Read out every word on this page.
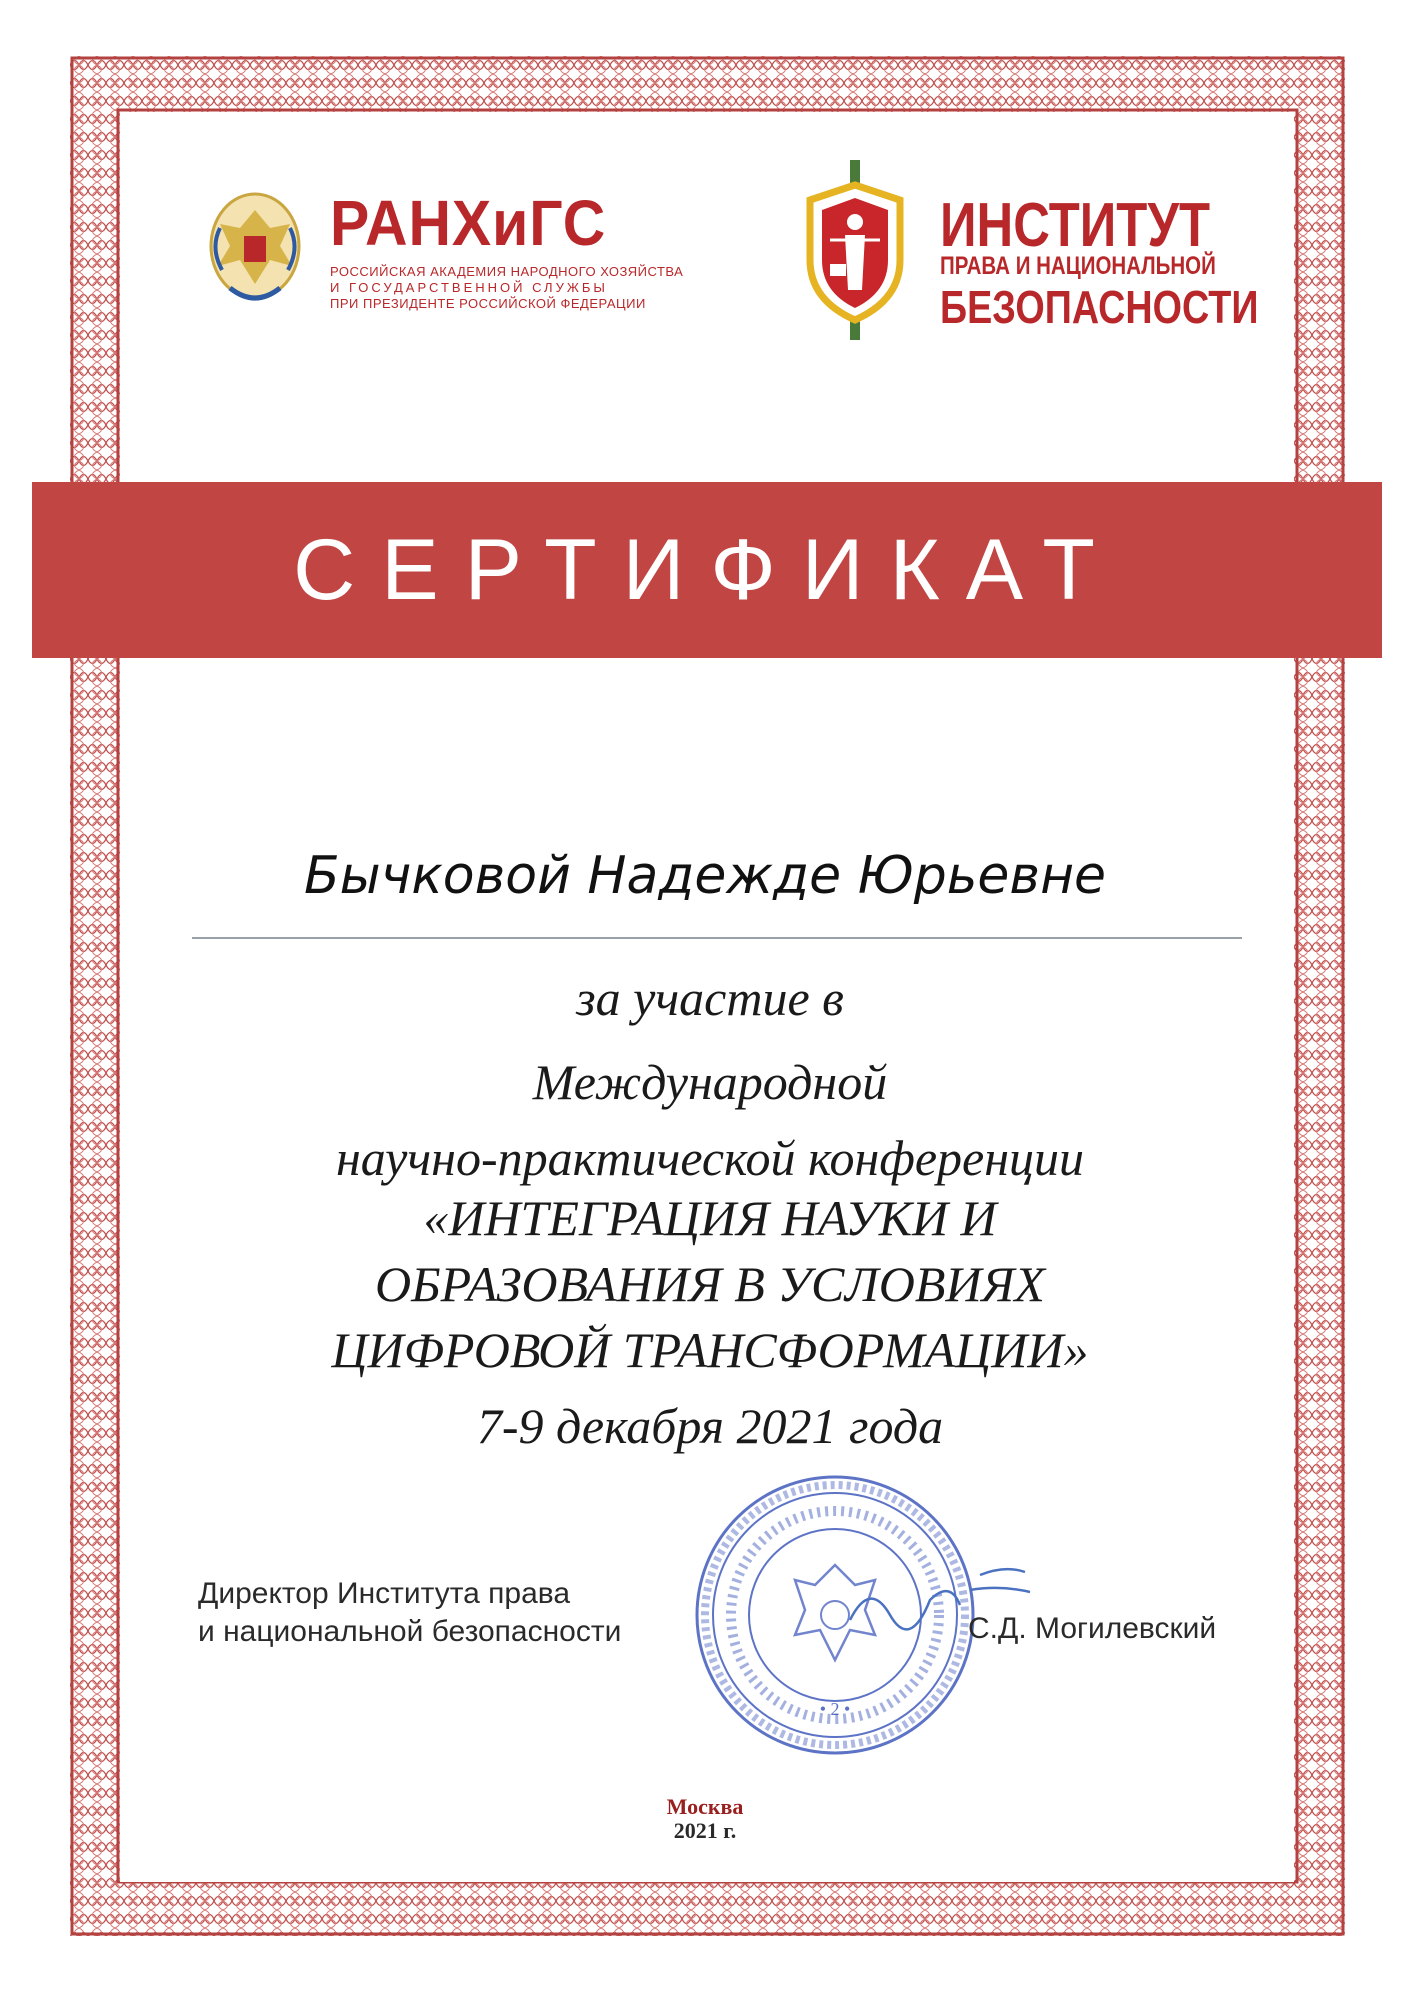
РАНХиГС
РОССИЙСКАЯ АКАДЕМИЯ НАРОДНОГО ХОЗЯЙСТВА
И ГОСУДАРСТВЕННОЙ СЛУЖБЫ
ПРИ ПРЕЗИДЕНТЕ РОССИЙСКОЙ ФЕДЕРАЦИИ
ИНСТИТУТ
ПРАВА И НАЦИОНАЛЬНОЙ
БЕЗОПАСНОСТИ
СЕРТИФИКАТ
Бычковой Надежде Юрьевне
за участие в
Международной
научно-практической конференции
«ИНТЕГРАЦИЯ НАУКИ И
ОБРАЗОВАНИЯ В УСЛОВИЯХ
ЦИФРОВОЙ ТРАНСФОРМАЦИИ»
7-9 декабря 2021 года
• 2 •
Директор Института права
и национальной безопасности	С.Д. Могилевский
Москва
2021 г.
